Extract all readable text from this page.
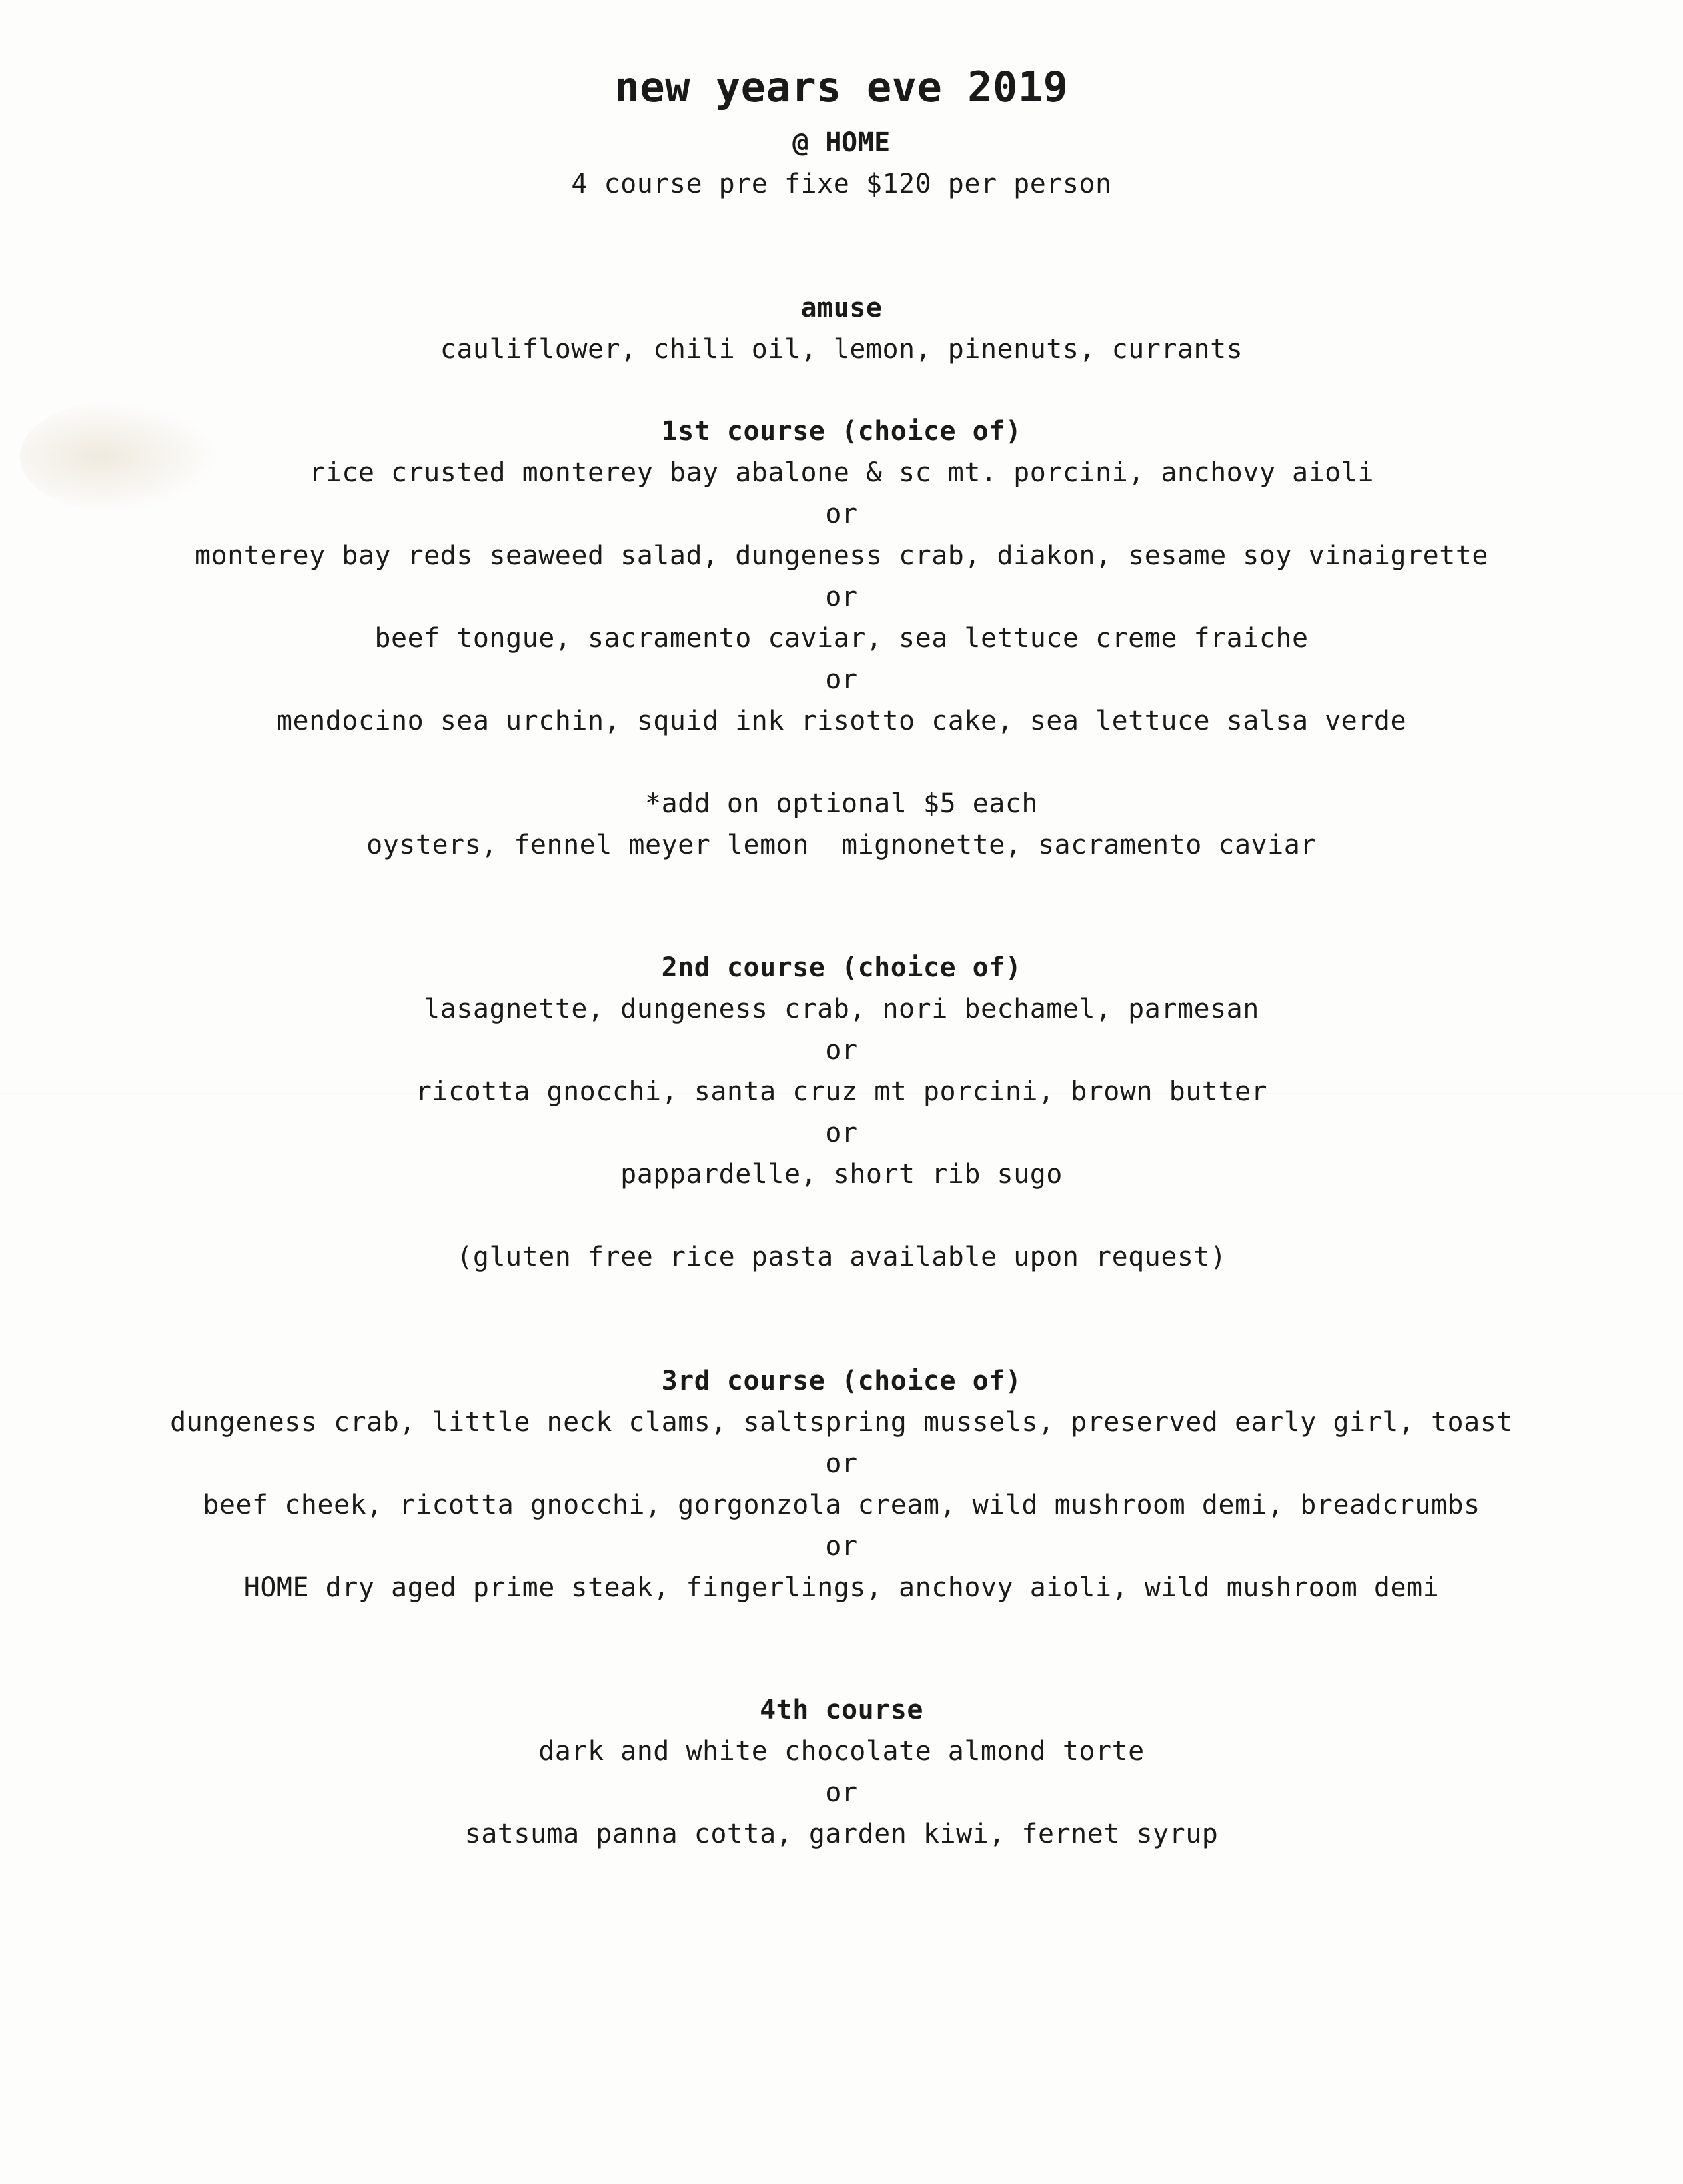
new years eve 2019
@ HOME
4 course pre fixe $120 per person
amuse
cauliflower, chili oil, lemon, pinenuts, currants
1st course (choice of)
rice crusted monterey bay abalone & sc mt. porcini, anchovy aioli
or
monterey bay reds seaweed salad, dungeness crab, diakon, sesame soy vinaigrette
or
beef tongue, sacramento caviar, sea lettuce creme fraiche
or
mendocino sea urchin, squid ink risotto cake, sea lettuce salsa verde
*add on optional $5 each
oysters, fennel meyer lemon  mignonette, sacramento caviar
2nd course (choice of)
lasagnette, dungeness crab, nori bechamel, parmesan
or
ricotta gnocchi, santa cruz mt porcini, brown butter
or
pappardelle, short rib sugo
(gluten free rice pasta available upon request)
3rd course (choice of)
dungeness crab, little neck clams, saltspring mussels, preserved early girl, toast
or
beef cheek, ricotta gnocchi, gorgonzola cream, wild mushroom demi, breadcrumbs
or
HOME dry aged prime steak, fingerlings, anchovy aioli, wild mushroom demi
4th course
dark and white chocolate almond torte
or
satsuma panna cotta, garden kiwi, fernet syrup
